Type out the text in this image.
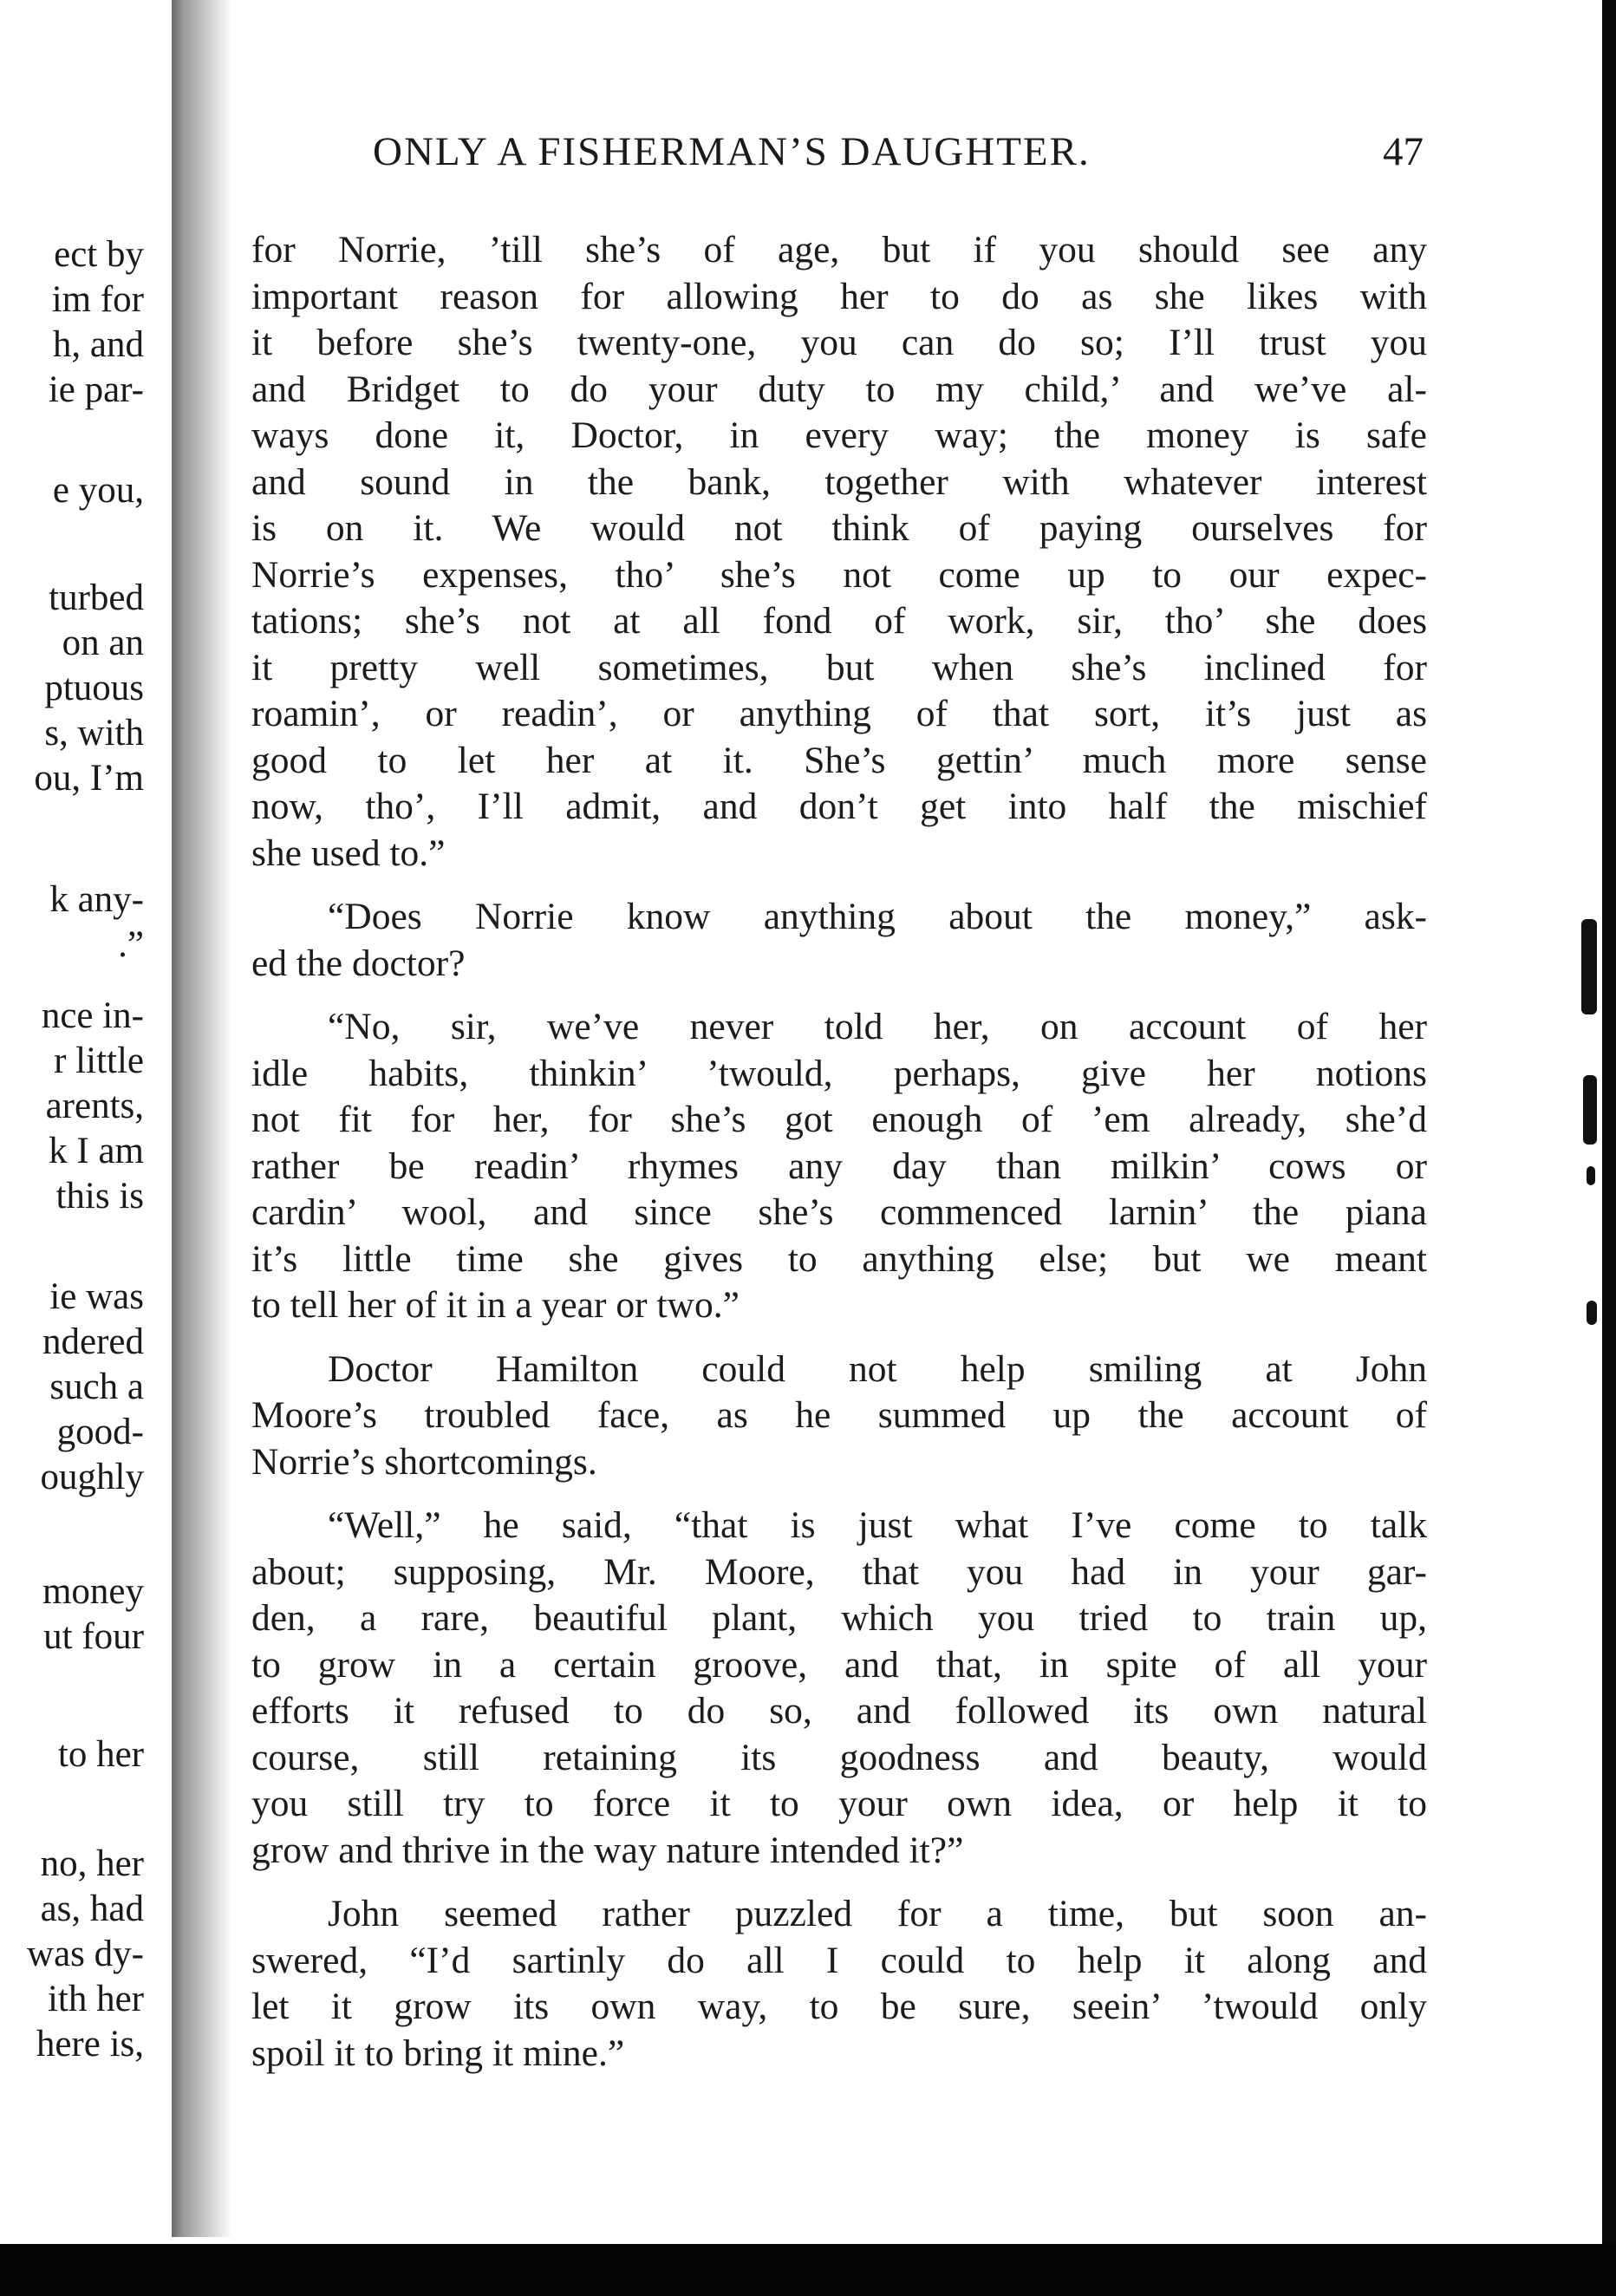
ect by
im for
h, and
ie par-
e you,
turbed
on an
ptuous
s, with
ou, I’m
k any-
.”
nce in-
r little
arents,
k I am
this is
ie was
ndered
such a
good-
oughly
money
ut four
to her
no, her
as, had
was dy-
ith her
here is,
ONLY A FISHERMAN’S DAUGHTER.	47
for Norrie, ’till she’s of age, but if you should see any
important reason for allowing her to do as she likes with
it before she’s twenty-one, you can do so; I’ll trust you
and Bridget to do your duty to my child,’ and we’ve al-
ways done it, Doctor, in every way; the money is safe
and sound in the bank, together with whatever interest
is on it. We would not think of paying ourselves for
Norrie’s expenses, tho’ she’s not come up to our expec-
tations; she’s not at all fond of work, sir, tho’ she does
it pretty well sometimes, but when she’s inclined for
roamin’, or readin’, or anything of that sort, it’s just as
good to let her at it. She’s gettin’ much more sense
now, tho’, I’ll admit, and don’t get into half the mischief
she used to.”
“Does Norrie know anything about the money,” ask-
ed the doctor?
“No, sir, we’ve never told her, on account of her
idle habits, thinkin’ ’twould, perhaps, give her notions
not fit for her, for she’s got enough of ’em already, she’d
rather be readin’ rhymes any day than milkin’ cows or
cardin’ wool, and since she’s commenced larnin’ the piana
it’s little time she gives to anything else; but we meant
to tell her of it in a year or two.”
Doctor Hamilton could not help smiling at John
Moore’s troubled face, as he summed up the account of
Norrie’s shortcomings.
“Well,” he said, “that is just what I’ve come to talk
about; supposing, Mr. Moore, that you had in your gar-
den, a rare, beautiful plant, which you tried to train up,
to grow in a certain groove, and that, in spite of all your
efforts it refused to do so, and followed its own natural
course, still retaining its goodness and beauty, would
you still try to force it to your own idea, or help it to
grow and thrive in the way nature intended it?”
John seemed rather puzzled for a time, but soon an-
swered, “I’d sartinly do all I could to help it along and
let it grow its own way, to be sure, seein’ ’twould only
spoil it to bring it mine.”
